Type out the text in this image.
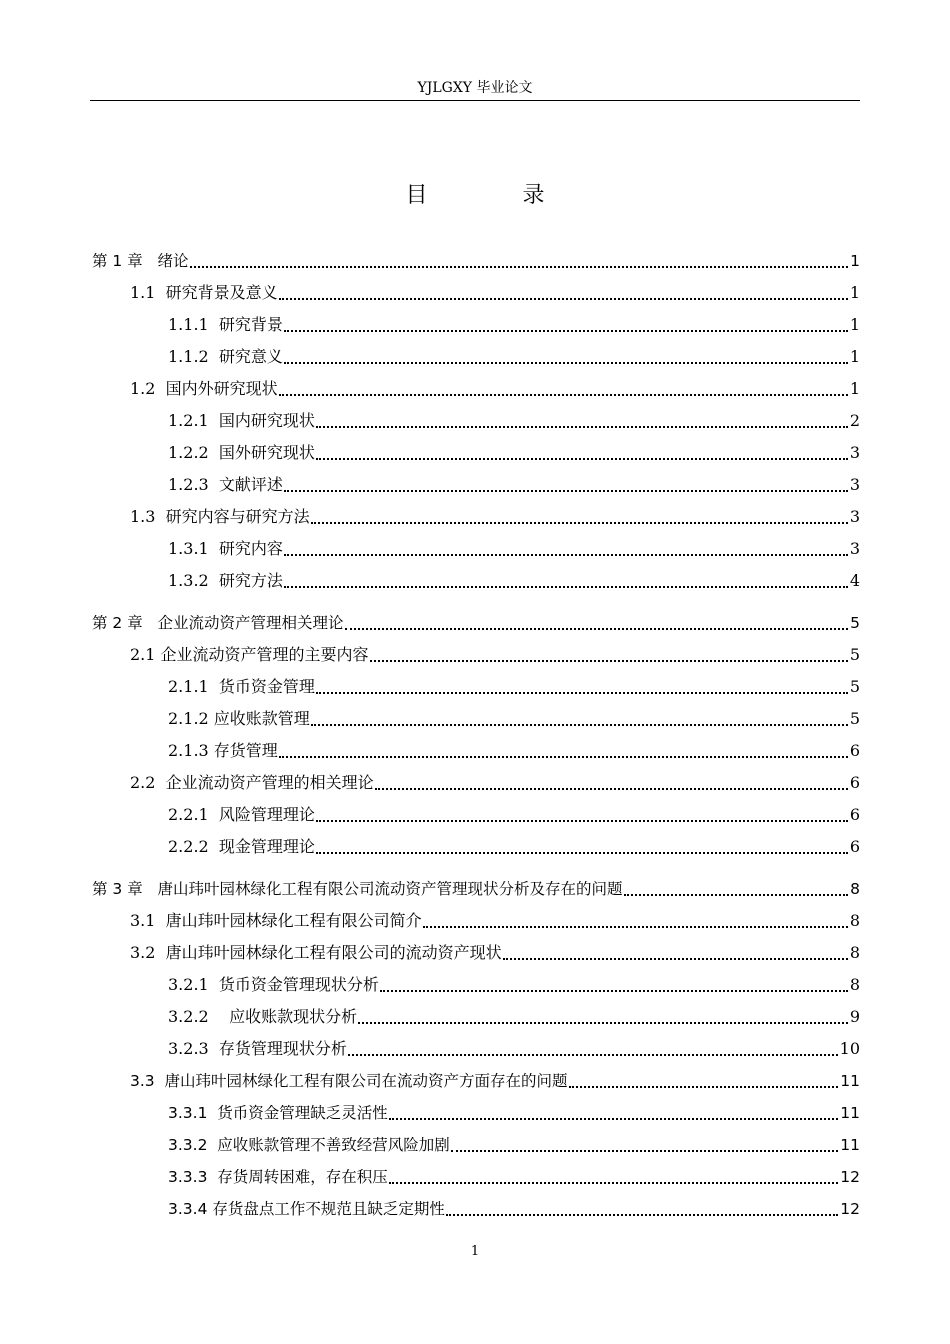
YJLGXY 毕业论文
目 录
第 1 章 绪论	1
1.1 研究背景及意义	1
1.1.1 研究背景	1
1.1.2 研究意义	1
1.2 国内外研究现状	1
1.2.1 国内研究现状	2
1.2.2 国外研究现状	3
1.2.3 文献评述	3
1.3 研究内容与研究方法	3
1.3.1 研究内容	3
1.3.2 研究方法	4
第 2 章 企业流动资产管理相关理论	5
2.1 企业流动资产管理的主要内容	5
2.1.1 货币资金管理	5
2.1.2 应收账款管理	5
2.1.3 存货管理	6
2.2 企业流动资产管理的相关理论	6
2.2.1 风险管理理论	6
2.2.2 现金管理理论	6
第 3 章 唐山玮叶园林绿化工程有限公司流动资产管理现状分析及存在的问题	8
3.1 唐山玮叶园林绿化工程有限公司简介	8
3.2 唐山玮叶园林绿化工程有限公司的流动资产现状	8
3.2.1 货币资金管理现状分析	8
3.2.2 应收账款现状分析	9
3.2.3 存货管理现状分析	10
3.3 唐山玮叶园林绿化工程有限公司在流动资产方面存在的问题	11
3.3.1 货币资金管理缺乏灵活性	11
3.3.2 应收账款管理不善致经营风险加剧	11
3.3.3 存货周转困难，存在积压	12
3.3.4 存货盘点工作不规范且缺乏定期性	12
1
